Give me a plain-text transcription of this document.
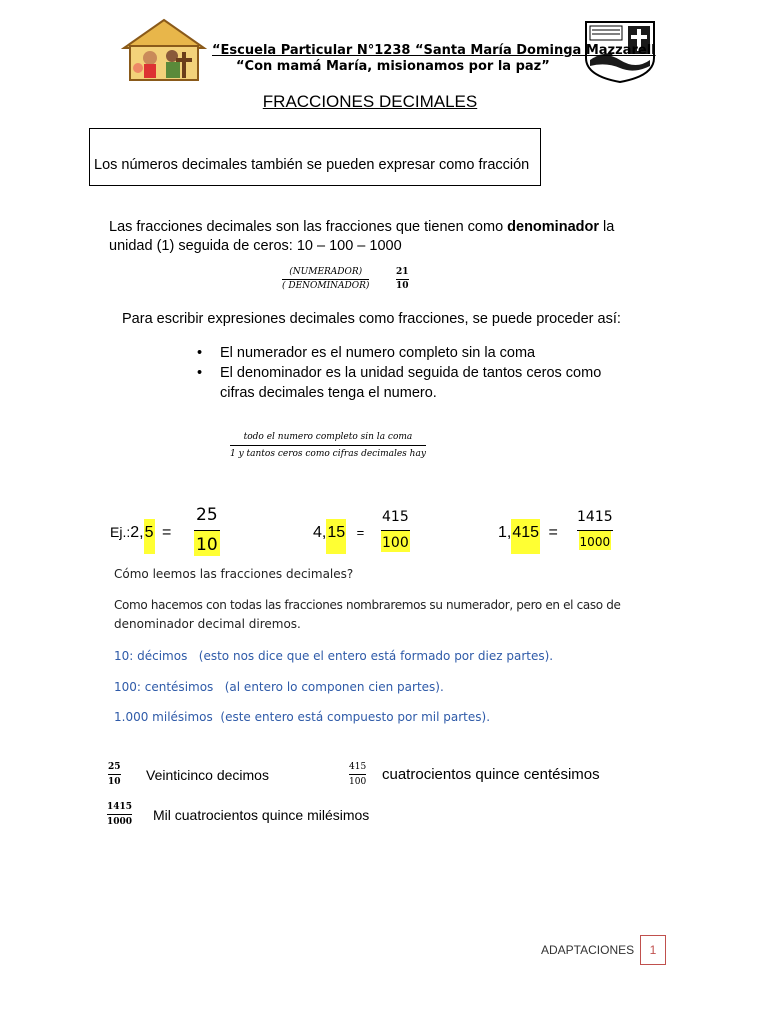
“Escuela Particular N°1238 “Santa María Dominga Mazzarell
“Con mamá María, misionamos por la paz”
FRACCIONES DECIMALES
Los números decimales también se pueden expresar como fracción
Las fracciones decimales son las fracciones que tienen como denominador la
unidad (1) seguida de ceros: 10 – 100 – 1000
(NUMERADOR)
( DENOMINADOR)
21
10
Para escribir expresiones decimales como fracciones, se puede proceder así:
• El numerador es el numero completo sin la coma
• El denominador es la unidad seguida de tantos ceros como
cifras decimales tenga el numero.
todo el numero completo sin la coma
1 y tantos ceros como cifras decimales hay
Ej.:2,5 =
25
10
4,15 =
415
100
1,415 =
1415
1000
Cómo leemos las fracciones decimales?
Como hacemos con todas las fracciones nombraremos su numerador, pero en el caso de
denominador decimal diremos.
10: décimos   (esto nos dice que el entero está formado por diez partes).
100: centésimos   (al entero lo componen cien partes).
1.000 milésimos  (este entero está compuesto por mil partes).
25
10 Veinticinco decimos	415
100 cuatrocientos quince centésimos
1415
1000 Mil cuatrocientos quince milésimos
ADAPTACIONES 1
